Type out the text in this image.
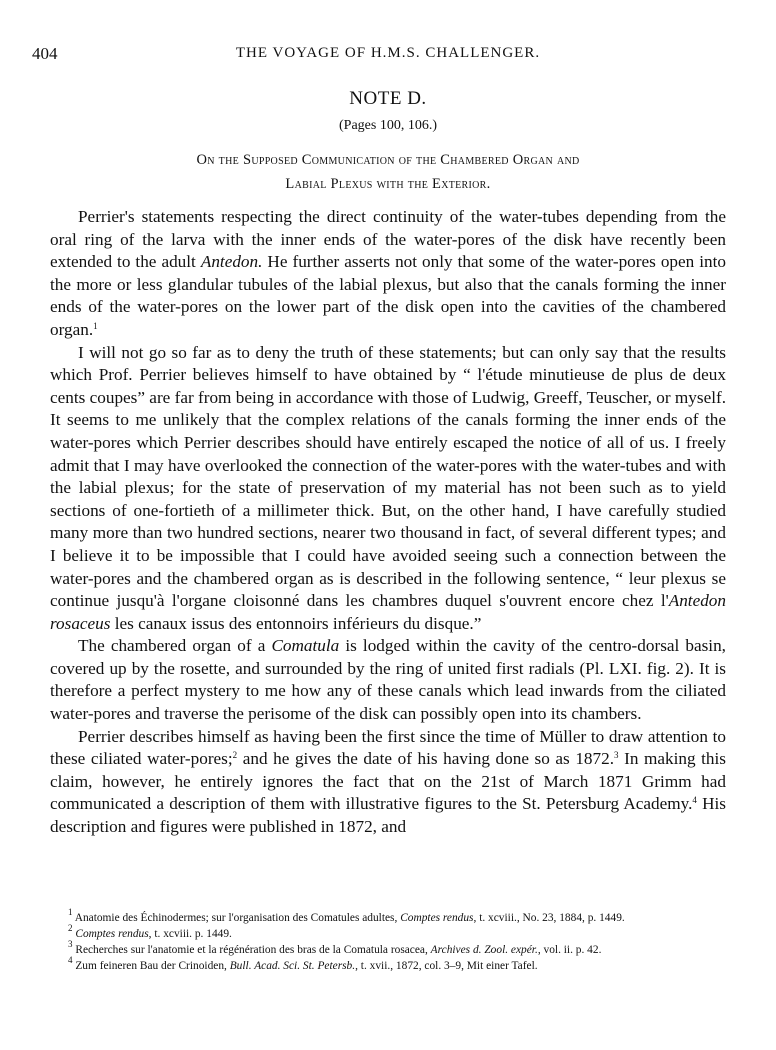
404	THE VOYAGE OF H.M.S. CHALLENGER.
NOTE D.
(Pages 100, 106.)
On the Supposed Communication of the Chambered Organ and
Labial Plexus with the Exterior.

Perrier's statements respecting the direct continuity of the water-tubes depending from the oral ring of the larva with the inner ends of the water-pores of the disk have recently been extended to the adult Antedon. He further asserts not only that some of the water-pores open into the more or less glandular tubules of the labial plexus, but also that the canals forming the inner ends of the water-pores on the lower part of the disk open into the cavities of the chambered organ.$^1$

I will not go so far as to deny the truth of these statements; but can only say that the results which Prof. Perrier believes himself to have obtained by “ l'étude minutieuse de plus de deux cents coupes” are far from being in accordance with those of Ludwig, Greeff, Teuscher, or myself. It seems to me unlikely that the complex relations of the canals forming the inner ends of the water-pores which Perrier describes should have entirely escaped the notice of all of us. I freely admit that I may have overlooked the connection of the water-pores with the water-tubes and with the labial plexus; for the state of preservation of my material has not been such as to yield sections of one-fortieth of a millimeter thick. But, on the other hand, I have carefully studied many more than two hundred sections, nearer two thousand in fact, of several different types; and I believe it to be impossible that I could have avoided seeing such a connection between the water-pores and the chambered organ as is described in the following sentence, “ leur plexus se continue jusqu'à l'organe cloisonné dans les chambres duquel s'ouvrent encore chez l'Antedon rosaceus les canaux issus des entonnoirs inférieurs du disque.”

The chambered organ of a Comatula is lodged within the cavity of the centro-dorsal basin, covered up by the rosette, and surrounded by the ring of united first radials (Pl. LXI. fig. 2). It is therefore a perfect mystery to me how any of these canals which lead inwards from the ciliated water-pores and traverse the perisome of the disk can possibly open into its chambers.

Perrier describes himself as having been the first since the time of Müller to draw attention to these ciliated water-pores;$^2$ and he gives the date of his having done so as 1872.$^3$ In making this claim, however, he entirely ignores the fact that on the 21st of March 1871 Grimm had communicated a description of them with illustrative figures to the St. Petersburg Academy.$^4$ His description and figures were published in 1872, and

$^1$ Anatomie des Échinodermes; sur l'organisation des Comatules adultes, Comptes rendus, t. xcviii., No. 23, 1884, p. 1449.
$^2$ Comptes rendus, t. xcviii. p. 1449.
$^3$ Recherches sur l'anatomie et la régénération des bras de la Comatula rosacea, Archives d. Zool. expér., vol. ii. p. 42.
$^4$ Zum feineren Bau der Crinoiden, Bull. Acad. Sci. St. Petersb., t. xvii., 1872, col. 3–9, Mit einer Tafel.
